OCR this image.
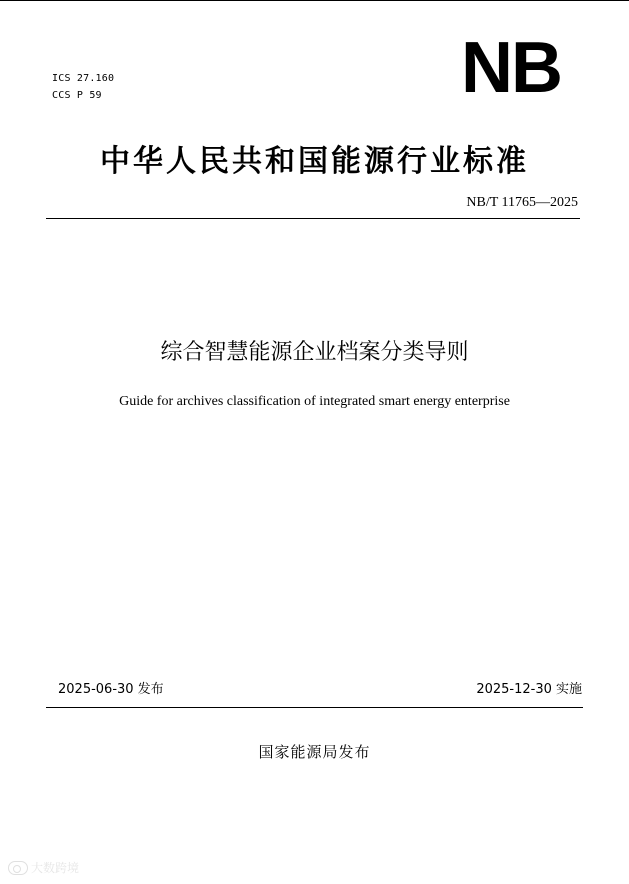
ICS 27.160
CCS P 59	NB
中华人民共和国能源行业标准
NB/T 11765—2025
综合智慧能源企业档案分类导则
Guide for archives classification of integrated smart energy enterprise
2025-06-30 发布	2025-12-30 实施
国家能源局发布
大数跨境
